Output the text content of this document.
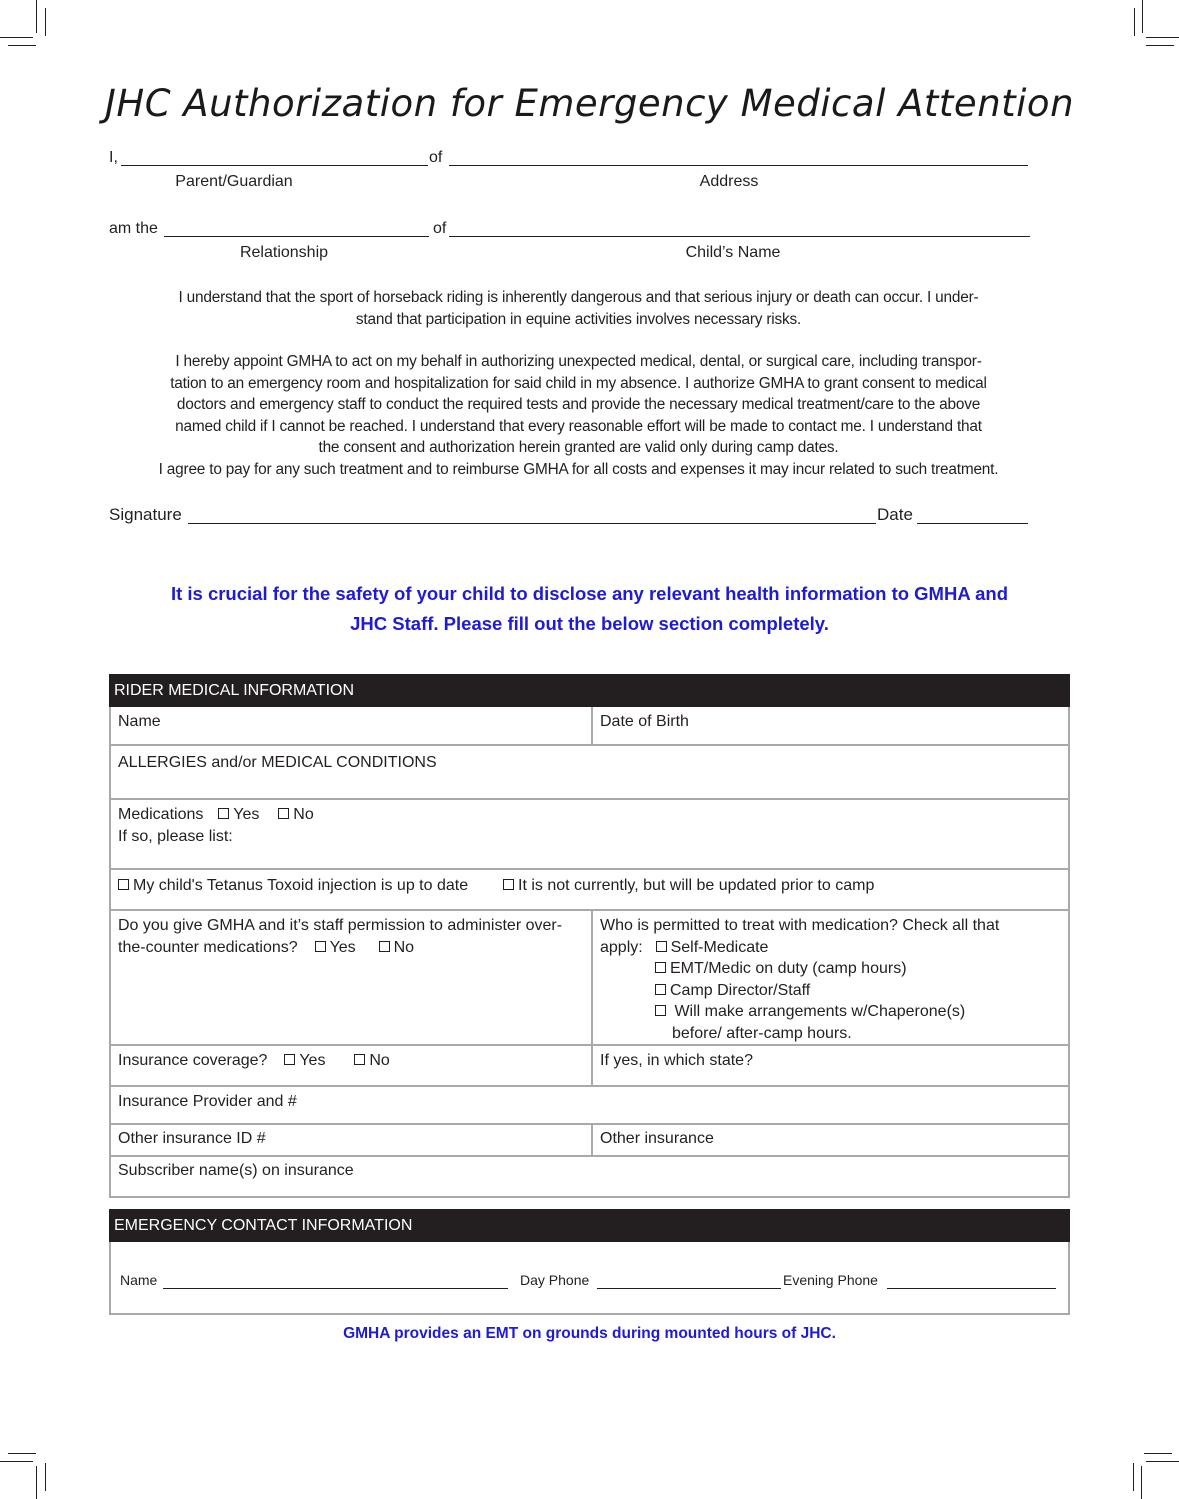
JHC Authorization for Emergency Medical Attention
I,	of
Parent/Guardian	Address
am the	of
Relationship	Child’s Name
I understand that the sport of horseback riding is inherently dangerous and that serious injury or death can occur. I under-
stand that participation in equine activities involves necessary risks.
I hereby appoint GMHA to act on my behalf in authorizing unexpected medical, dental, or surgical care, including transpor-
tation to an emergency room and hospitalization for said child in my absence. I authorize GMHA to grant consent to medical
doctors and emergency staff to conduct the required tests and provide the necessary medical treatment/care to the above
named child if I cannot be reached. I understand that every reasonable effort will be made to contact me. I understand that
the consent and authorization herein granted are valid only during camp dates.
I agree to pay for any such treatment and to reimburse GMHA for all costs and expenses it may incur related to such treatment.
Signature	Date
It is crucial for the safety of your child to disclose any relevant health information to GMHA and
JHC Staff. Please fill out the below section completely.
RIDER MEDICAL INFORMATION
Name	Date of Birth
ALLERGIES and/or MEDICAL CONDITIONS
Medications Yes No
If so, please list:
My child's Tetanus Toxoid injection is up to date	It is not currently, but will be updated prior to camp
Do you give GMHA and it’s staff permission to administer over-
the-counter medications? Yes No
Who is permitted to treat with medication? Check all that
apply: Self-Medicate
EMT/Medic on duty (camp hours)
Camp Director/Staff
Will make arrangements w/Chaperone(s)
before/ after-camp hours.
Insurance coverage? Yes	No	If yes, in which state?
Insurance Provider and #
Other insurance ID #	Other insurance
Subscriber name(s) on insurance
EMERGENCY CONTACT INFORMATION
Name	Day Phone	Evening Phone
GMHA provides an EMT on grounds during mounted hours of JHC.
